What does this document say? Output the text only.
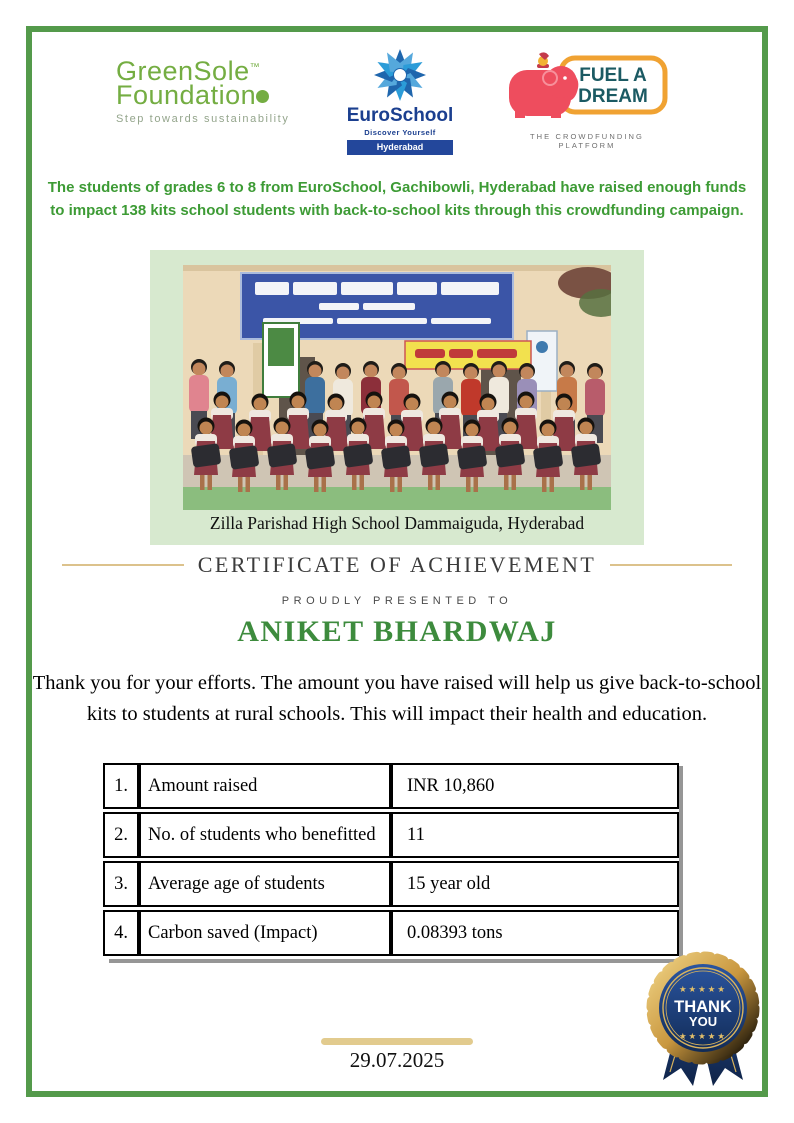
GreenSole™
Foundation
Step towards sustainability	EuroSchool
Discover Yourself
Hyderabad
FUEL A
DREAM
THE CROWDFUNDING PLATFORM
The students of grades 6 to 8 from EuroSchool, Gachibowli, Hyderabad have raised enough funds to impact 138 kits school students with back-to-school kits through this crowdfunding campaign.
Zilla Parishad High School Dammaiguda, Hyderabad
CERTIFICATE OF ACHIEVEMENT
PROUDLY PRESENTED TO
ANIKET BHARDWAJ
Thank you for your efforts. The amount you have raised will help us give back-to-school kits to students at rural schools. This will impact their health and education.
1.	Amount raised	INR 10,860
2.	No. of students who benefitted	11
3.	Average age of students	15 year old
4.	Carbon saved (Impact)	0.08393 tons
29.07.2025
★★★★★
THANK
YOU
★★★★★
